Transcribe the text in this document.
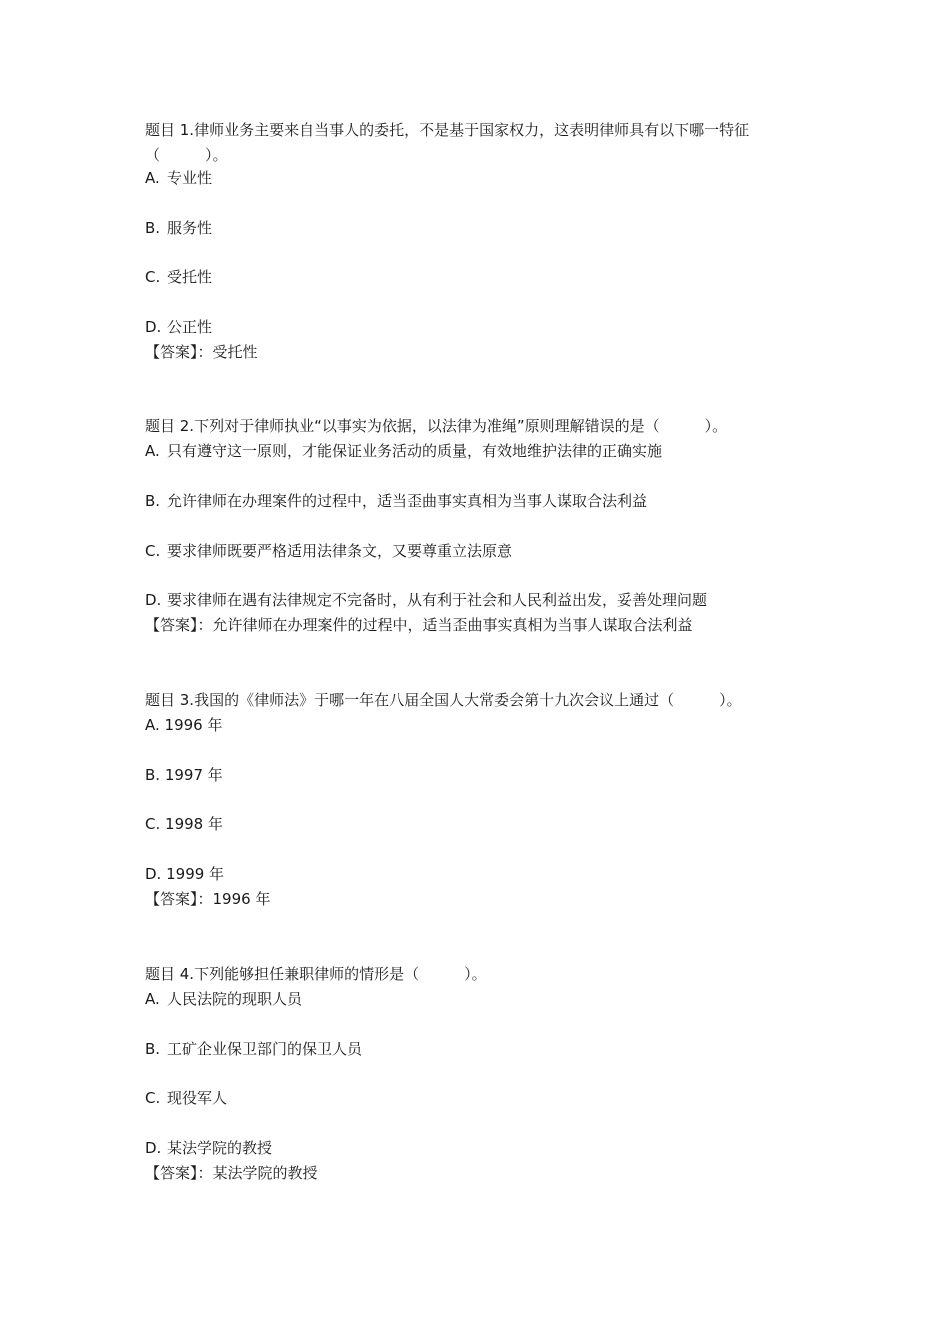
题目 1.律师业务主要来自当事人的委托，不是基于国家权力，这表明律师具有以下哪一特征（　　　）。
A. 专业性
B. 服务性
C. 受托性
D. 公正性
【答案】：受托性
题目 2.下列对于律师执业“以事实为依据，以法律为准绳”原则理解错误的是（　　　）。
A. 只有遵守这一原则，才能保证业务活动的质量，有效地维护法律的正确实施
B. 允许律师在办理案件的过程中，适当歪曲事实真相为当事人谋取合法利益
C. 要求律师既要严格适用法律条文，又要尊重立法原意
D. 要求律师在遇有法律规定不完备时，从有利于社会和人民利益出发，妥善处理问题
【答案】：允许律师在办理案件的过程中，适当歪曲事实真相为当事人谋取合法利益
题目 3.我国的《律师法》于哪一年在八届全国人大常委会第十九次会议上通过（　　　）。
A. 1996 年
B. 1997 年
C. 1998 年
D. 1999 年
【答案】：1996 年
题目 4.下列能够担任兼职律师的情形是（　　　）。
A. 人民法院的现职人员
B. 工矿企业保卫部门的保卫人员
C. 现役军人
D. 某法学院的教授
【答案】：某法学院的教授
